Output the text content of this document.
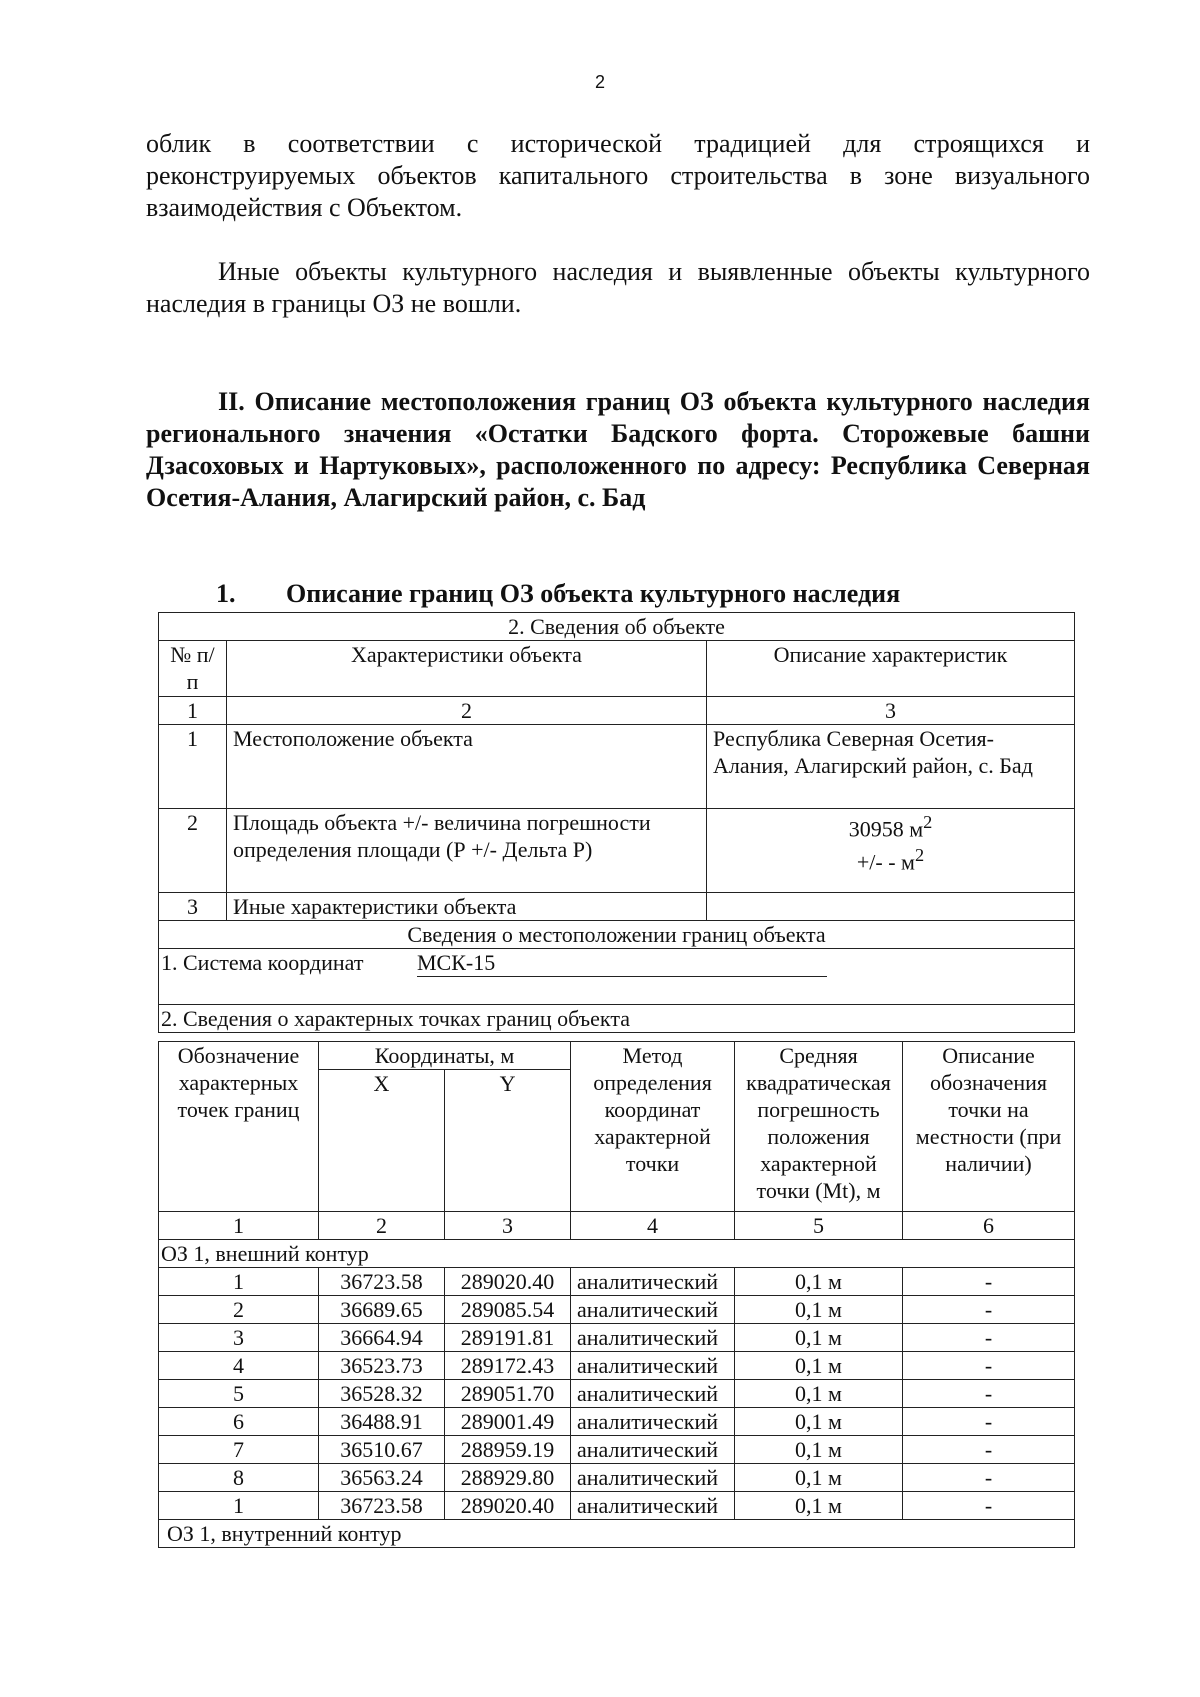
2
облик в соответствии с исторической традицией для строящихся и реконструируемых объектов капитального строительства в зоне визуального взаимодействия с Объектом.
Иные объекты культурного наследия и выявленные объекты культурного наследия в границы ОЗ не вошли.
II. Описание местоположения границ ОЗ объекта культурного наследия регионального значения «Остатки Бадского форта. Сторожевые башни Дзасоховых и Нартуковых», расположенного по адресу: Республика Северная Осетия-Алания, Алагирский район, с. Бад
1. Описание границ ОЗ объекта культурного наследия
2. Сведения об объекте		
№ п/п	Характеристики объекта	Описание характеристик
1	2	3
1	Местоположение объекта	Республика Северная Осетия-Алания, Алагирский район, с. Бад
2	Площадь объекта +/- величина погрешности определения площади (Р +/- Дельта Р)	30958 $м^2$
+/- - $м^2$
3	Иные характеристики объекта	
Сведения о местоположении границ объекта		
1. Система координат МСК-15		
2. Сведения о характерных точках границ объекта		
Обозначение характерных точек границ	Координаты, м		Метод определения координат характерной точки	Средняя квадратическая погрешность положения характерной точки (Mt), м	Описание обозначения точки на местности (при наличии)
	X	Y			
1	2	3	4	5	6
ОЗ 1, внешний контур					
1	36723.58	289020.40	аналитический	0,1 м	-
2	36689.65	289085.54	аналитический	0,1 м	-
3	36664.94	289191.81	аналитический	0,1 м	-
4	36523.73	289172.43	аналитический	0,1 м	-
5	36528.32	289051.70	аналитический	0,1 м	-
6	36488.91	289001.49	аналитический	0,1 м	-
7	36510.67	288959.19	аналитический	0,1 м	-
8	36563.24	288929.80	аналитический	0,1 м	-
1	36723.58	289020.40	аналитический	0,1 м	-
ОЗ 1, внутренний контур					
